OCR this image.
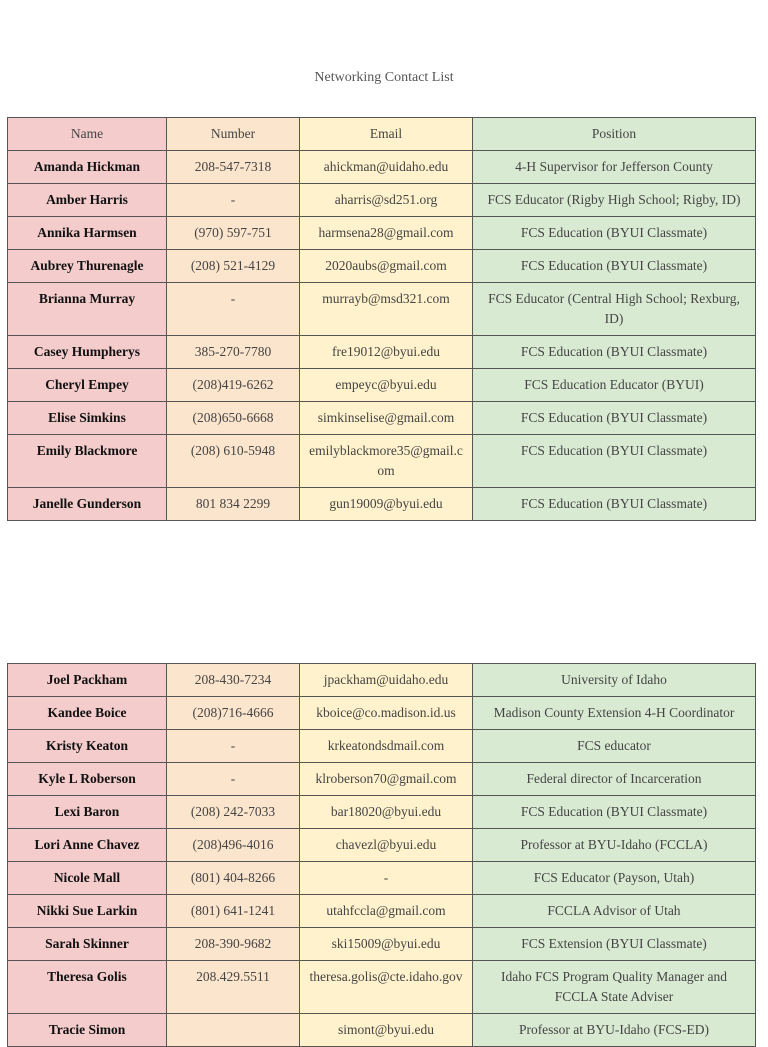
Networking Contact List
Name	Number	Email	Position
Amanda Hickman	208-547-7318	ahickman@uidaho.edu	4-H Supervisor for Jefferson County
Amber Harris	-	aharris@sd251.org	FCS Educator (Rigby High School; Rigby, ID)
Annika Harmsen	(970) 597-751	harmsena28@gmail.com	FCS Education (BYUI Classmate)
Aubrey Thurenagle	(208) 521-4129	2020aubs@gmail.com	FCS Education (BYUI Classmate)
Brianna Murray	-	murrayb@msd321.com	FCS Educator (Central High School; Rexburg, ID)
Casey Humpherys	385-270-7780	fre19012@byui.edu	FCS Education (BYUI Classmate)
Cheryl Empey	(208)419-6262	empeyc@byui.edu	FCS Education Educator (BYUI)
Elise Simkins	(208)650-6668	simkinselise@gmail.com	FCS Education (BYUI Classmate)
Emily Blackmore	(208) 610-5948	emilyblackmore35@gmail.com	FCS Education (BYUI Classmate)
Janelle Gunderson	801 834 2299	gun19009@byui.edu	FCS Education (BYUI Classmate)
Joel Packham	208-430-7234	jpackham@uidaho.edu	University of Idaho
Kandee Boice	(208)716-4666	kboice@co.madison.id.us	Madison County Extension 4-H Coordinator
Kristy Keaton	-	krkeatondsdmail.com	FCS educator
Kyle L Roberson	-	klroberson70@gmail.com	Federal director of Incarceration
Lexi Baron	(208) 242-7033	bar18020@byui.edu	FCS Education (BYUI Classmate)
Lori Anne Chavez	(208)496-4016	chavezl@byui.edu	Professor at BYU-Idaho (FCCLA)
Nicole Mall	(801) 404-8266	-	FCS Educator (Payson, Utah)
Nikki Sue Larkin	(801) 641-1241	utahfccla@gmail.com	FCCLA Advisor of Utah
Sarah Skinner	208-390-9682	ski15009@byui.edu	FCS Extension (BYUI Classmate)
Theresa Golis	208.429.5511	theresa.golis@cte.idaho.gov	Idaho FCS Program Quality Manager and FCCLA State Adviser
Tracie Simon		simont@byui.edu	Professor at BYU-Idaho (FCS-ED)
